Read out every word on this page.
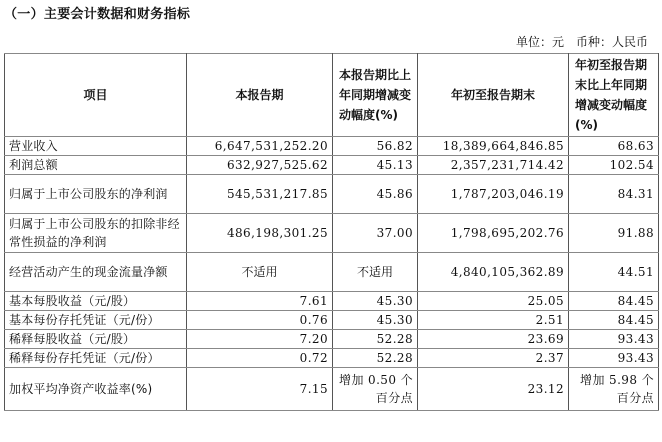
（一）主要会计数据和财务指标
单位：元　币种：人民币
项目	本报告期	本报告期比上年同期增减变动幅度(%)	年初至报告期末	年初至报告期末比上年同期增减变动幅度(%)
营业收入	6,647,531,252.20	56.82	18,389,664,846.85	68.63
利润总额	632,927,525.62	45.13	2,357,231,714.42	102.54
归属于上市公司股东的净利润	545,531,217.85	45.86	1,787,203,046.19	84.31
归属于上市公司股东的扣除非经常性损益的净利润	486,198,301.25	37.00	1,798,695,202.76	91.88
经营活动产生的现金流量净额	不适用	不适用	4,840,105,362.89	44.51
基本每股收益（元/股）	7.61	45.30	25.05	84.45
基本每份存托凭证（元/份）	0.76	45.30	2.51	84.45
稀释每股收益（元/股）	7.20	52.28	23.69	93.43
稀释每份存托凭证（元/份）	0.72	52.28	2.37	93.43
加权平均净资产收益率(%)	7.15	增加 0.50 个百分点	23.12	增加 5.98 个百分点
